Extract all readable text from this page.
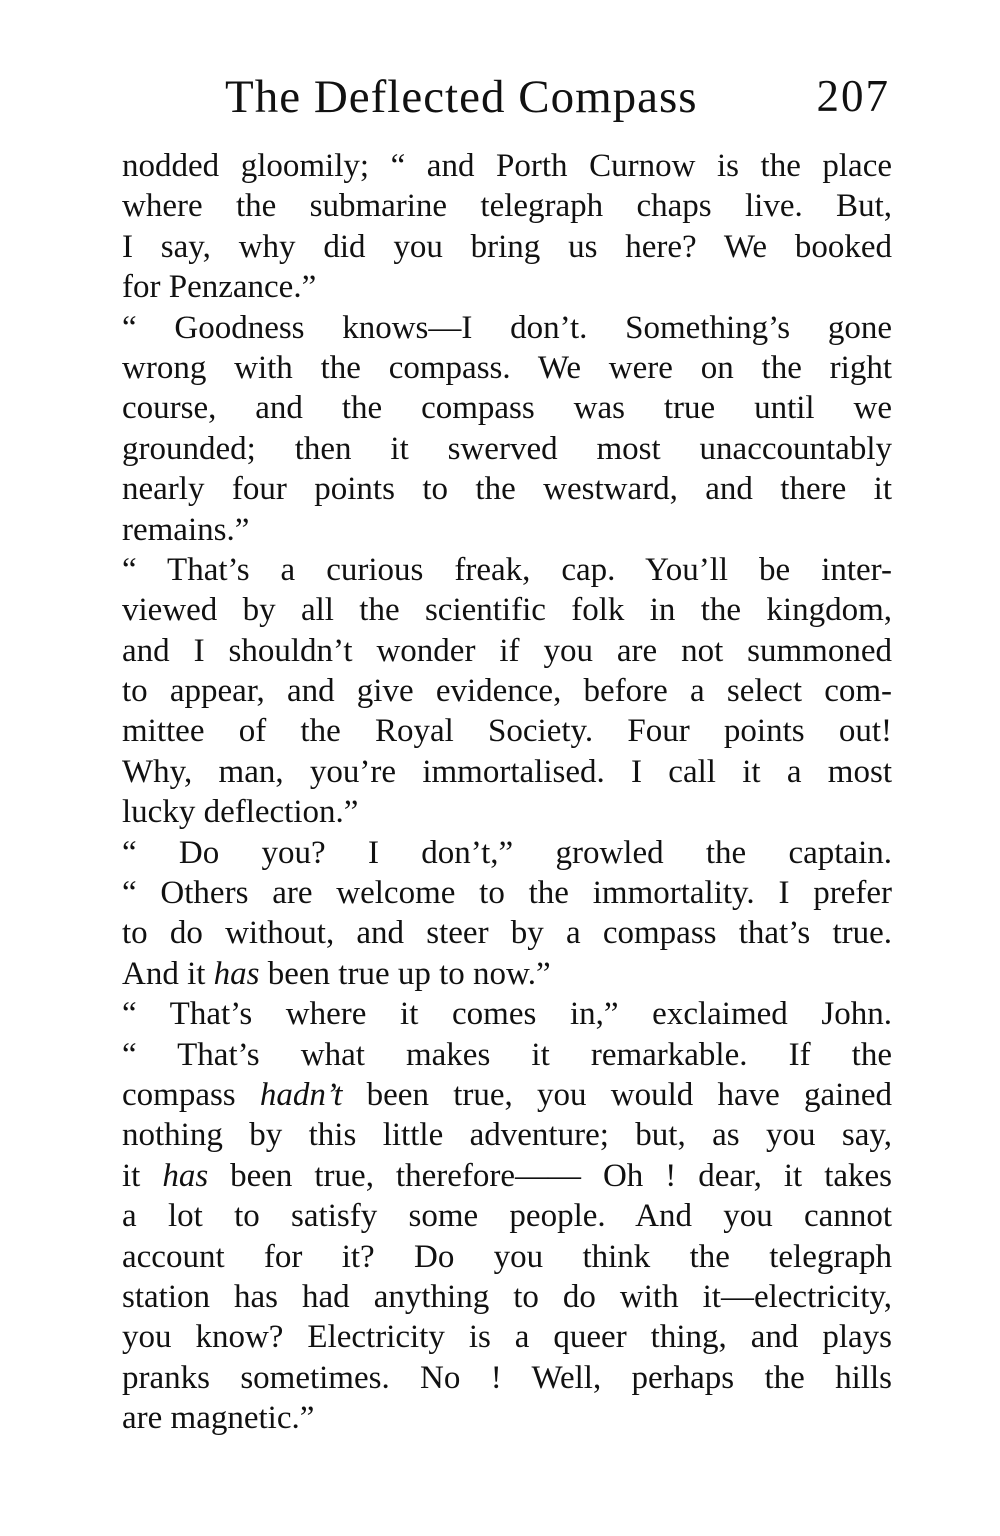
The Deflected Compass	207
nodded gloomily; “ and Porth Curnow is the place
where the submarine telegraph chaps live. But,
I say, why did you bring us here? We booked
for Penzance.”
“ Goodness knows—I don’t. Something’s gone
wrong with the compass. We were on the right
course, and the compass was true until we
grounded; then it swerved most unaccountably
nearly four points to the westward, and there it
remains.”
“ That’s a curious freak, cap. You’ll be inter-
viewed by all the scientific folk in the kingdom,
and I shouldn’t wonder if you are not summoned
to appear, and give evidence, before a select com-
mittee of the Royal Society. Four points out!
Why, man, you’re immortalised. I call it a most
lucky deflection.”
“ Do you? I don’t,” growled the captain.
“ Others are welcome to the immortality. I prefer
to do without, and steer by a compass that’s true.
And it has been true up to now.”
“ That’s where it comes in,” exclaimed John.
“ That’s what makes it remarkable. If the
compass hadn’t been true, you would have gained
nothing by this little adventure; but, as you say,
it has been true, therefore—— Oh ! dear, it takes
a lot to satisfy some people. And you cannot
account for it? Do you think the telegraph
station has had anything to do with it—electricity,
you know? Electricity is a queer thing, and plays
pranks sometimes. No ! Well, perhaps the hills
are magnetic.”
